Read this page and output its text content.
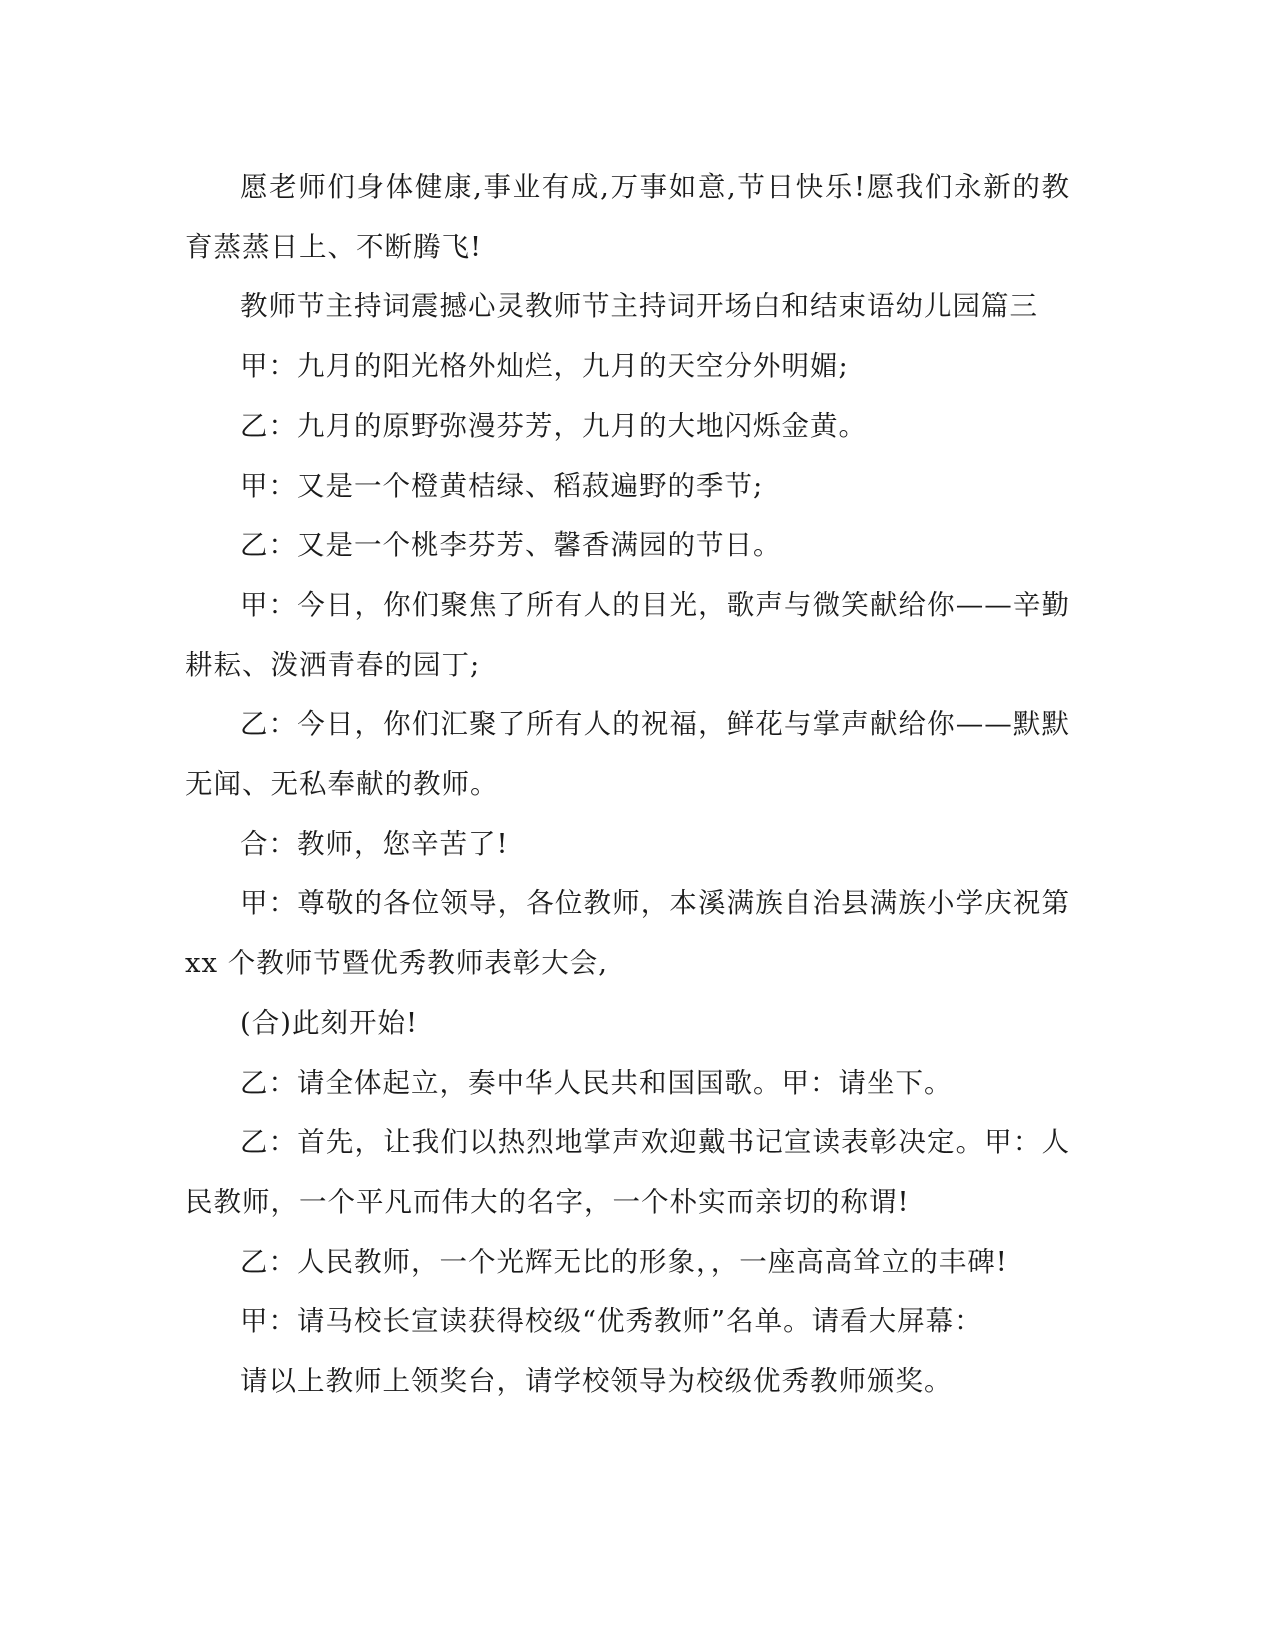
愿老师们身体健康,事业有成,万事如意,节日快乐!愿我们永新的教育蒸蒸日上、不断腾飞!

教师节主持词震撼心灵教师节主持词开场白和结束语幼儿园篇三

甲：九月的阳光格外灿烂，九月的天空分外明媚;

乙：九月的原野弥漫芬芳，九月的大地闪烁金黄。

甲：又是一个橙黄桔绿、稻菽遍野的季节;

乙：又是一个桃李芬芳、馨香满园的节日。

甲：今日，你们聚焦了所有人的目光，歌声与微笑献给你——辛勤耕耘、泼洒青春的园丁;

乙：今日，你们汇聚了所有人的祝福，鲜花与掌声献给你——默默无闻、无私奉献的教师。

合：教师，您辛苦了!

甲：尊敬的各位领导，各位教师，本溪满族自治县满族小学庆祝第 xx 个教师节暨优秀教师表彰大会,

(合)此刻开始!

乙：请全体起立，奏中华人民共和国国歌。甲：请坐下。

乙：首先，让我们以热烈地掌声欢迎戴书记宣读表彰决定。甲：人民教师，一个平凡而伟大的名字，一个朴实而亲切的称谓!

乙：人民教师，一个光辉无比的形象，，一座高高耸立的丰碑!

甲：请马校长宣读获得校级“优秀教师”名单。请看大屏幕：

请以上教师上领奖台，请学校领导为校级优秀教师颁奖。
